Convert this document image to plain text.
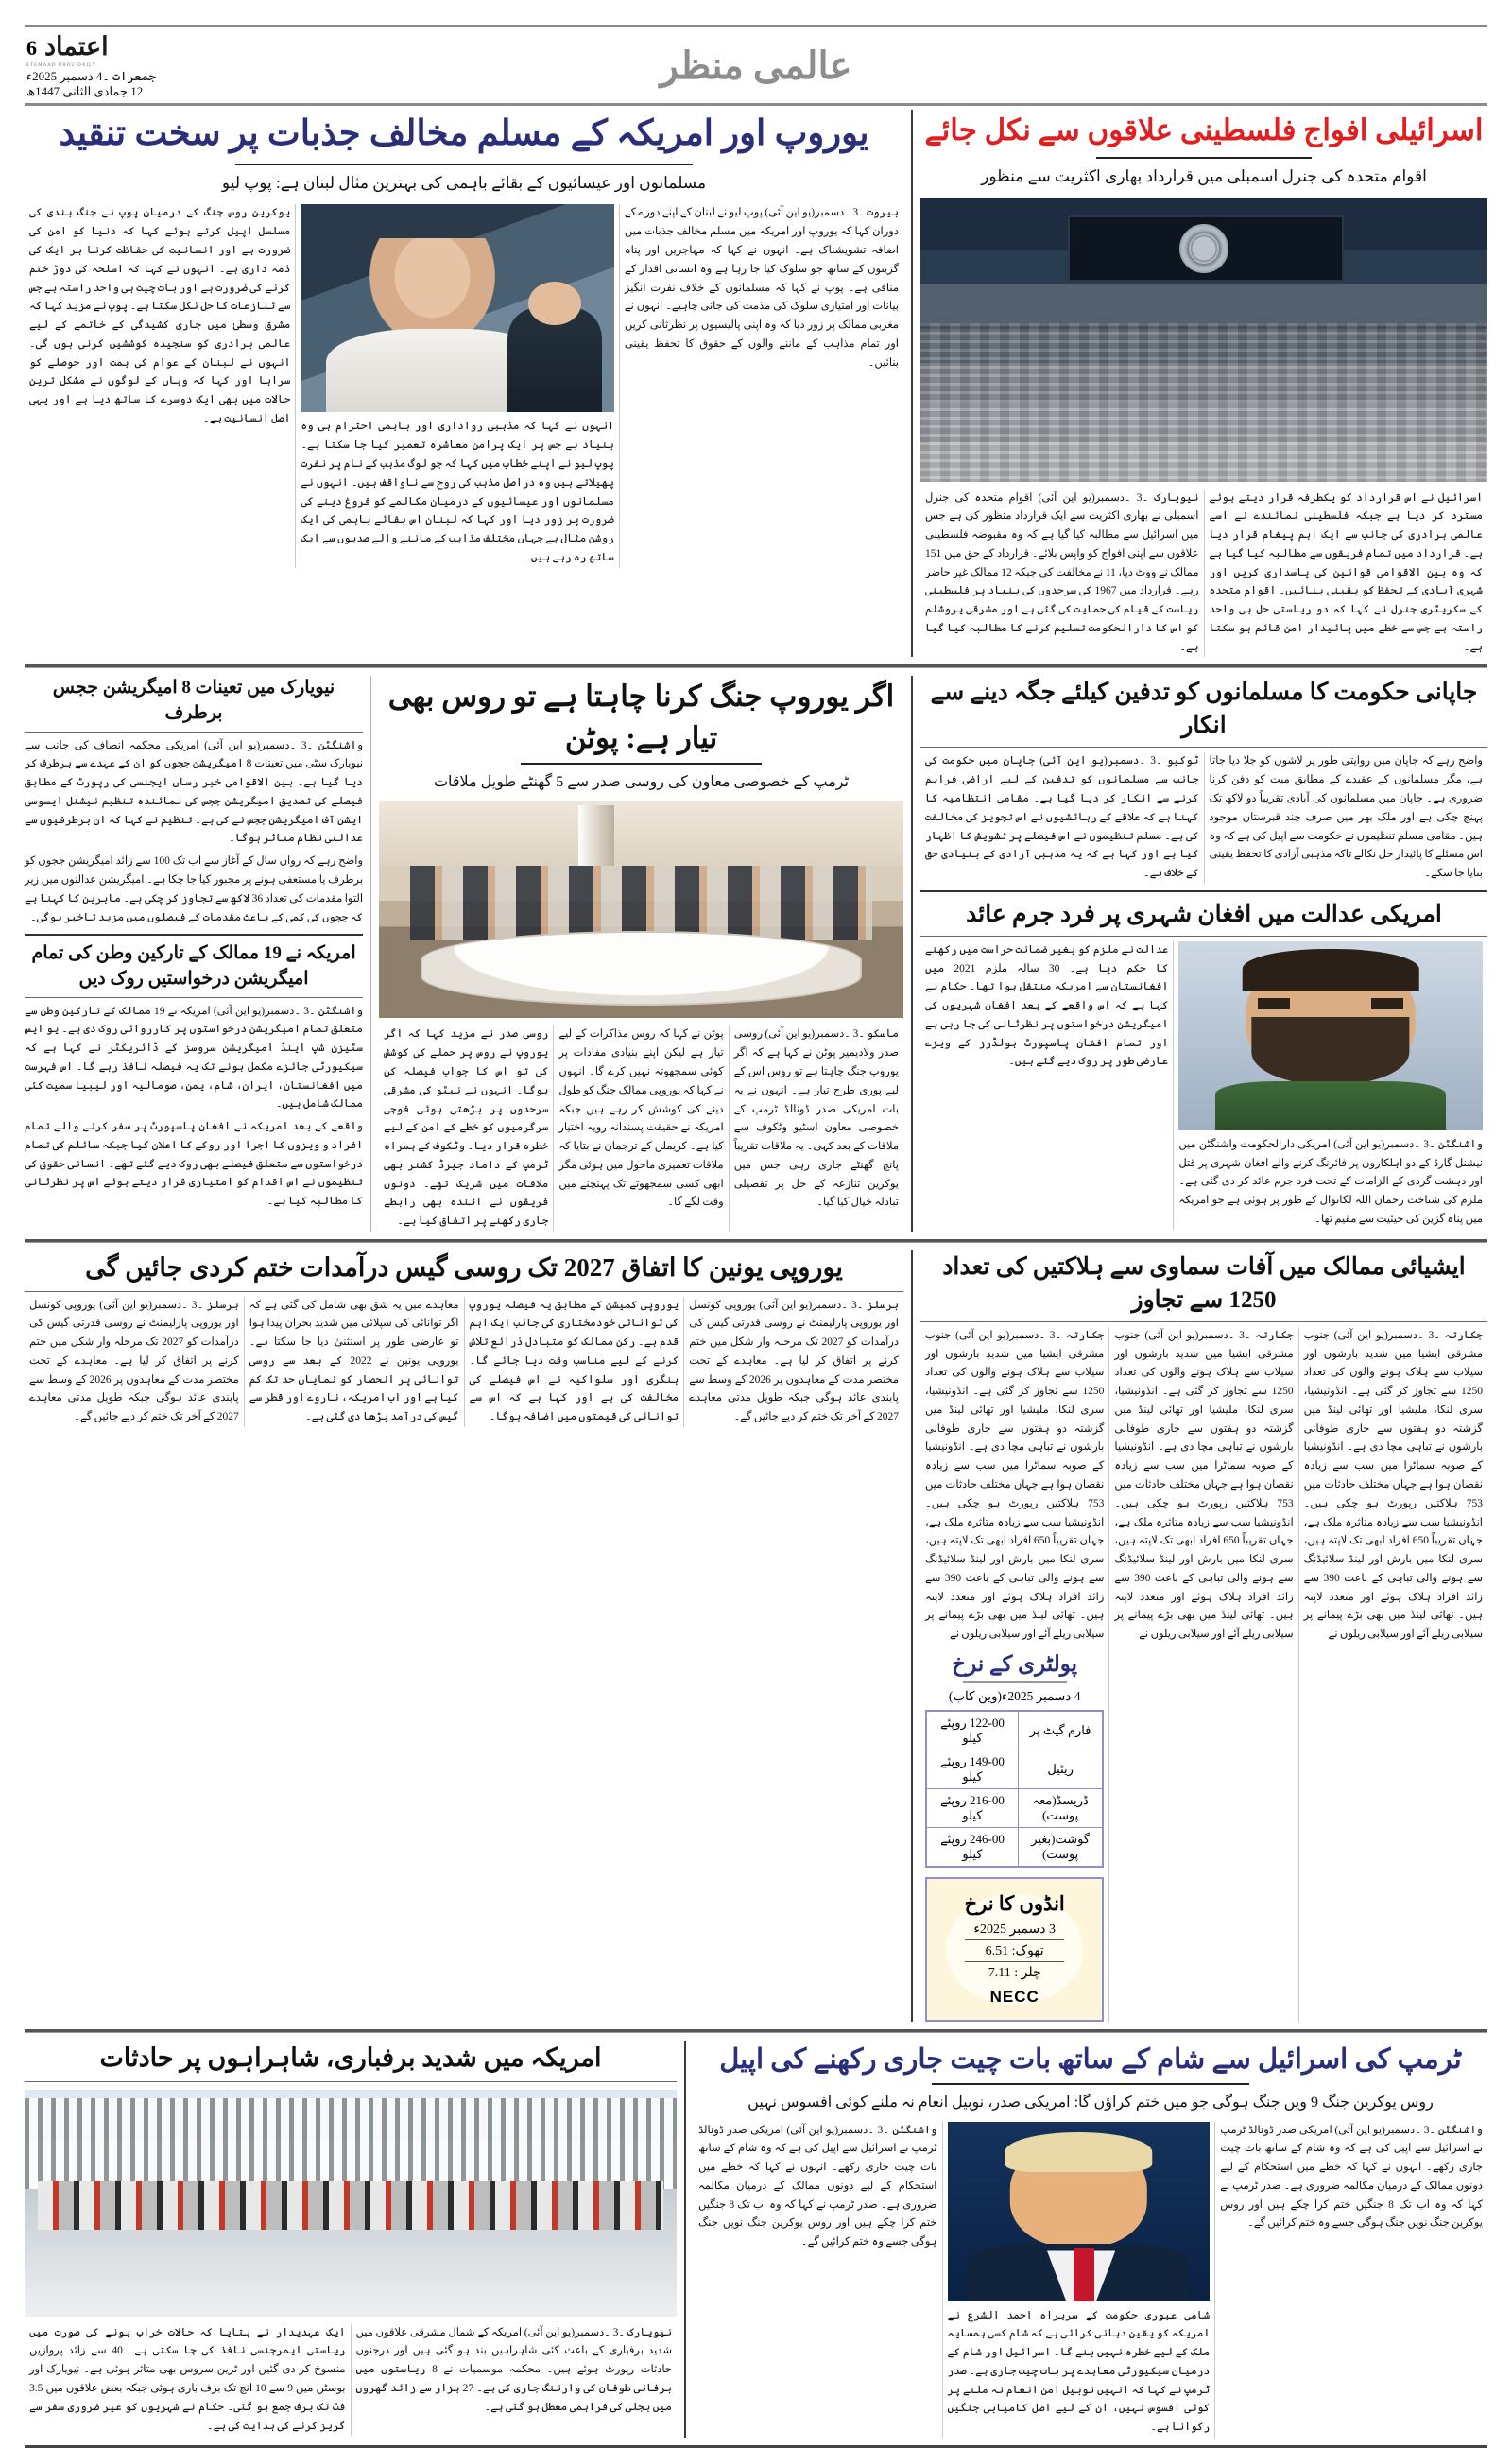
6 اعتماد
ETEMAAD URDU DAILY
جمعرات ۔4 دسمبر 2025ء
12 جمادی الثانی 1447ھ
عالمی منظر
اسرائیلی افواج فلسطینی علاقوں سے نکل جائے
اقوام متحدہ کی جنرل اسمبلی میں قرارداد بھاری اکثریت سے منظور
اسرائیل نے اس قرارداد کو یکطرفہ قرار دیتے ہوئے مسترد کر دیا ہے جبکہ فلسطینی نمائندے نے اسے عالمی برادری کی جانب سے ایک اہم پیغام قرار دیا ہے۔ قرارداد میں تمام فریقوں سے مطالبہ کیا گیا ہے کہ وہ بین الاقوامی قوانین کی پاسداری کریں اور شہری آبادی کے تحفظ کو یقینی بنائیں۔ اقوام متحدہ کے سکریٹری جنرل نے کہا کہ دو ریاستی حل ہی واحد راستہ ہے جس سے خطے میں پائیدار امن قائم ہو سکتا ہے۔
نیویارک ۔3 ۔دسمبر(یو این آئی) اقوام متحدہ کی جنرل اسمبلی نے بھاری اکثریت سے ایک قرارداد منظور کی ہے جس میں اسرائیل سے مطالبہ کیا گیا ہے کہ وہ مقبوضہ فلسطینی علاقوں سے اپنی افواج کو واپس بلائے۔ قرارداد کے حق میں 151 ممالک نے ووٹ دیا، 11 نے مخالفت کی جبکہ 12 ممالک غیر حاضر رہے۔ قرارداد میں 1967 کی سرحدوں کی بنیاد پر فلسطینی ریاست کے قیام کی حمایت کی گئی ہے اور مشرقی یروشلم کو اس کا دارالحکومت تسلیم کرنے کا مطالبہ کیا گیا ہے۔
یوروپ اور امریکہ کے مسلم مخالف جذبات پر سخت تنقید
مسلمانوں اور عیسائیوں کے بقائے باہمی کی بہترین مثال لبنان ہے: پوپ لیو
بیروت ۔3 ۔دسمبر(یو این آئی) پوپ لیو نے لبنان کے اپنے دورے کے دوران کہا کہ یوروپ اور امریکہ میں مسلم مخالف جذبات میں اضافہ تشویشناک ہے۔ انہوں نے کہا کہ مہاجرین اور پناہ گزینوں کے ساتھ جو سلوک کیا جا رہا ہے وہ انسانی اقدار کے منافی ہے۔ پوپ نے کہا کہ مسلمانوں کے خلاف نفرت انگیز بیانات اور امتیازی سلوک کی مذمت کی جانی چاہیے۔ انہوں نے مغربی ممالک پر زور دیا کہ وہ اپنی پالیسیوں پر نظرثانی کریں اور تمام مذاہب کے ماننے والوں کے حقوق کا تحفظ یقینی بنائیں۔
انہوں نے کہا کہ مذہبی رواداری اور باہمی احترام ہی وہ بنیاد ہے جس پر ایک پرامن معاشرہ تعمیر کیا جا سکتا ہے۔ پوپ لیو نے اپنے خطاب میں کہا کہ جو لوگ مذہب کے نام پر نفرت پھیلاتے ہیں وہ دراصل مذہب کی روح سے ناواقف ہیں۔ انہوں نے مسلمانوں اور عیسائیوں کے درمیان مکالمے کو فروغ دینے کی ضرورت پر زور دیا اور کہا کہ لبنان اس بقائے باہمی کی ایک روشن مثال ہے جہاں مختلف مذاہب کے ماننے والے صدیوں سے ایک ساتھ رہ رہے ہیں۔
یوکرین روس جنگ کے درمیان پوپ نے جنگ بندی کی مسلسل اپیل کرتے ہوئے کہا کہ دنیا کو امن کی ضرورت ہے اور انسانیت کی حفاظت کرنا ہر ایک کی ذمہ داری ہے۔ انہوں نے کہا کہ اسلحہ کی دوڑ ختم کرنے کی ضرورت ہے اور بات چیت ہی واحد راستہ ہے جس سے تنازعات کا حل نکل سکتا ہے۔ پوپ نے مزید کہا کہ مشرق وسطیٰ میں جاری کشیدگی کے خاتمے کے لیے عالمی برادری کو سنجیدہ کوششیں کرنی ہوں گی۔ انہوں نے لبنان کے عوام کی ہمت اور حوصلے کو سراہا اور کہا کہ وہاں کے لوگوں نے مشکل ترین حالات میں بھی ایک دوسرے کا ساتھ دیا ہے اور یہی اصل انسانیت ہے۔
جاپانی حکومت کا مسلمانوں کو تدفین کیلئے جگہ دینے سے انکار
واضح رہے کہ جاپان میں روایتی طور پر لاشوں کو جلا دیا جاتا ہے، مگر مسلمانوں کے عقیدے کے مطابق میت کو دفن کرنا ضروری ہے۔ جاپان میں مسلمانوں کی آبادی تقریباً دو لاکھ تک پہنچ چکی ہے اور ملک بھر میں صرف چند قبرستان موجود ہیں۔ مقامی مسلم تنظیموں نے حکومت سے اپیل کی ہے کہ وہ اس مسئلے کا پائیدار حل نکالے تاکہ مذہبی آزادی کا تحفظ یقینی بنایا جا سکے۔
ٹوکیو ۔3 ۔دسمبر(یو این آئی) جاپان میں حکومت کی جانب سے مسلمانوں کو تدفین کے لیے اراضی فراہم کرنے سے انکار کر دیا گیا ہے۔ مقامی انتظامیہ کا کہنا ہے کہ علاقے کے رہائشیوں نے اس تجویز کی مخالفت کی ہے۔ مسلم تنظیموں نے اس فیصلے پر تشویش کا اظہار کیا ہے اور کہا ہے کہ یہ مذہبی آزادی کے بنیادی حق کے خلاف ہے۔
امریکی عدالت میں افغان شہری پر فرد جرم عائد
واشنگٹن ۔3 ۔دسمبر(یو این آئی) امریکی دارالحکومت واشنگٹن میں نیشنل گارڈ کے دو اہلکاروں پر فائرنگ کرنے والے افغان شہری پر قتل اور دہشت گردی کے الزامات کے تحت فرد جرم عائد کر دی گئی ہے۔ ملزم کی شناخت رحمان اللہ لکانوال کے طور پر ہوئی ہے جو امریکہ میں پناہ گزین کی حیثیت سے مقیم تھا۔
عدالت نے ملزم کو بغیر ضمانت حراست میں رکھنے کا حکم دیا ہے۔ 30 سالہ ملزم 2021 میں افغانستان سے امریکہ منتقل ہوا تھا۔ حکام نے کہا ہے کہ اس واقعے کے بعد افغان شہریوں کی امیگریشن درخواستوں پر نظرثانی کی جا رہی ہے اور تمام افغان پاسپورٹ ہولڈرز کے ویزے عارضی طور پر روک دیے گئے ہیں۔
اگر یوروپ جنگ کرنا چاہتا ہے تو روس بھی تیار ہے: پوٹن
ٹرمپ کے خصوصی معاون کی روسی صدر سے 5 گھنٹے طویل ملاقات
ماسکو ۔3 ۔دسمبر(یو این آئی) روسی صدر ولادیمیر پوٹن نے کہا ہے کہ اگر یوروپ جنگ چاہتا ہے تو روس اس کے لیے پوری طرح تیار ہے۔ انہوں نے یہ بات امریکی صدر ڈونالڈ ٹرمپ کے خصوصی معاون اسٹیو وٹکوف سے ملاقات کے بعد کہی۔ یہ ملاقات تقریباً پانچ گھنٹے جاری رہی جس میں یوکرین تنازعہ کے حل پر تفصیلی تبادلہ خیال کیا گیا۔
پوٹن نے کہا کہ روس مذاکرات کے لیے تیار ہے لیکن اپنے بنیادی مفادات پر کوئی سمجھوتہ نہیں کرے گا۔ انہوں نے کہا کہ یوروپی ممالک جنگ کو طول دینے کی کوشش کر رہے ہیں جبکہ امریکہ نے حقیقت پسندانہ رویہ اختیار کیا ہے۔ کریملن کے ترجمان نے بتایا کہ ملاقات تعمیری ماحول میں ہوئی مگر ابھی کسی سمجھوتے تک پہنچنے میں وقت لگے گا۔
روسی صدر نے مزید کہا کہ اگر یوروپ نے روس پر حملے کی کوشش کی تو اس کا جواب فیصلہ کن ہوگا۔ انہوں نے نیٹو کی مشرقی سرحدوں پر بڑھتی ہوئی فوجی سرگرمیوں کو خطے کے امن کے لیے خطرہ قرار دیا۔ وٹکوف کے ہمراہ ٹرمپ کے داماد جیرڈ کشنر بھی ملاقات میں شریک تھے۔ دونوں فریقوں نے آئندہ بھی رابطے جاری رکھنے پر اتفاق کیا ہے۔
نیویارک میں تعینات 8 امیگریشن ججس برطرف
واشنگٹن ۔3 ۔دسمبر(یو این آئی) امریکی محکمہ انصاف کی جانب سے نیویارک سٹی میں تعینات 8 امیگریشن ججوں کو ان کے عہدے سے برطرف کر دیا گیا ہے۔ بین الاقوامی خبر رساں ایجنسی کی رپورٹ کے مطابق فیصلے کی تصدیق امیگریشن ججس کی نمائندہ تنظیم نیشنل ایسوسی ایشن آف امیگریشن ججس نے کی ہے۔ تنظیم نے کہا کہ ان برطرفیوں سے عدالتی نظام متاثر ہوگا۔
واضح رہے کہ رواں سال کے آغاز سے اب تک 100 سے زائد امیگریشن ججوں کو برطرف یا مستعفی ہونے پر مجبور کیا جا چکا ہے۔ امیگریشن عدالتوں میں زیر التوا مقدمات کی تعداد 36 لاکھ سے تجاوز کر چکی ہے۔ ماہرین کا کہنا ہے کہ ججوں کی کمی کے باعث مقدمات کے فیصلوں میں مزید تاخیر ہوگی۔
امریکہ نے 19 ممالک کے تارکین وطن کی تمام امیگریشن درخواستیں روک دیں
واشنگٹن ۔3 ۔دسمبر(یو این آئی) امریکہ نے 19 ممالک کے تارکین وطن سے متعلق تمام امیگریشن درخواستوں پر کارروائی روک دی ہے۔ یو ایس سٹیزن شپ اینڈ امیگریشن سروسز کے ڈائریکٹر نے کہا ہے کہ سیکیورٹی جائزے مکمل ہونے تک یہ فیصلہ نافذ رہے گا۔ اس فہرست میں افغانستان، ایران، شام، یمن، صومالیہ اور لیبیا سمیت کئی ممالک شامل ہیں۔
واقعے کے بعد امریکہ نے افغان پاسپورٹ پر سفر کرنے والے تمام افراد و ویزوں کا اجرا اور روکے کا اعلان کیا جبکہ سائلم کی تمام درخواستوں سے متعلق فیصلے بھی روک دیے گئے تھے۔ انسانی حقوق کی تنظیموں نے اس اقدام کو امتیازی قرار دیتے ہوئے اس پر نظرثانی کا مطالبہ کیا ہے۔
ایشیائی ممالک میں آفات سماوی سے ہلاکتیں کی تعداد 1250 سے تجاوز
جکارتہ ۔3 ۔دسمبر(یو این آئی) جنوب مشرقی ایشیا میں شدید بارشوں اور سیلاب سے ہلاک ہونے والوں کی تعداد 1250 سے تجاوز کر گئی ہے۔ انڈونیشیا، سری لنکا، ملیشیا اور تھائی لینڈ میں گزشتہ دو ہفتوں سے جاری طوفانی بارشوں نے تباہی مچا دی ہے۔ انڈونیشیا کے صوبہ سماٹرا میں سب سے زیادہ نقصان ہوا ہے جہاں مختلف حادثات میں 753 ہلاکتیں رپورٹ ہو چکی ہیں۔ انڈونیشیا سب سے زیادہ متاثرہ ملک ہے، جہاں تقریباً 650 افراد ابھی تک لاپتہ ہیں، سری لنکا میں بارش اور لینڈ سلائیڈنگ سے ہونے والی تباہی کے باعث 390 سے زائد افراد ہلاک ہوئے اور متعدد لاپتہ ہیں۔ تھائی لینڈ میں بھی بڑے پیمانے پر سیلابی ریلے آئے اور سیلابی ریلوں نے
جکارتہ ۔3 ۔دسمبر(یو این آئی) جنوب مشرقی ایشیا میں شدید بارشوں اور سیلاب سے ہلاک ہونے والوں کی تعداد 1250 سے تجاوز کر گئی ہے۔ انڈونیشیا، سری لنکا، ملیشیا اور تھائی لینڈ میں گزشتہ دو ہفتوں سے جاری طوفانی بارشوں نے تباہی مچا دی ہے۔ انڈونیشیا کے صوبہ سماٹرا میں سب سے زیادہ نقصان ہوا ہے جہاں مختلف حادثات میں 753 ہلاکتیں رپورٹ ہو چکی ہیں۔ انڈونیشیا سب سے زیادہ متاثرہ ملک ہے، جہاں تقریباً 650 افراد ابھی تک لاپتہ ہیں، سری لنکا میں بارش اور لینڈ سلائیڈنگ سے ہونے والی تباہی کے باعث 390 سے زائد افراد ہلاک ہوئے اور متعدد لاپتہ ہیں۔ تھائی لینڈ میں بھی بڑے پیمانے پر سیلابی ریلے آئے اور سیلابی ریلوں نے
جکارتہ ۔3 ۔دسمبر(یو این آئی) جنوب مشرقی ایشیا میں شدید بارشوں اور سیلاب سے ہلاک ہونے والوں کی تعداد 1250 سے تجاوز کر گئی ہے۔ انڈونیشیا، سری لنکا، ملیشیا اور تھائی لینڈ میں گزشتہ دو ہفتوں سے جاری طوفانی بارشوں نے تباہی مچا دی ہے۔ انڈونیشیا کے صوبہ سماٹرا میں سب سے زیادہ نقصان ہوا ہے جہاں مختلف حادثات میں 753 ہلاکتیں رپورٹ ہو چکی ہیں۔ انڈونیشیا سب سے زیادہ متاثرہ ملک ہے، جہاں تقریباً 650 افراد ابھی تک لاپتہ ہیں، سری لنکا میں بارش اور لینڈ سلائیڈنگ سے ہونے والی تباہی کے باعث 390 سے زائد افراد ہلاک ہوئے اور متعدد لاپتہ ہیں۔ تھائی لینڈ میں بھی بڑے پیمانے پر سیلابی ریلے آئے اور سیلابی ریلوں نے
پولٹری کے نرخ
4 دسمبر 2025ء(وین کاب)
فارم گیٹ پر	122-00 روپئے کیلو
ریٹیل	149-00 روپئے کیلو
ڈریسڈ(معہ پوست)	216-00 روپئے کیلو
گوشت(بغیر پوست)	246-00 روپئے کیلو
انڈوں کا نرخ
3 دسمبر 2025ء
تھوک: 6.51
چلر : 7.11
NECC
یوروپی یونین کا اتفاق 2027 تک روسی گیس درآمدات ختم کردی جائیں گی
برسلز ۔3 ۔دسمبر(یو این آئی) یوروپی کونسل اور یوروپی پارلیمنٹ نے روسی قدرتی گیس کی درآمدات کو 2027 تک مرحلہ وار شکل میں ختم کرنے پر اتفاق کر لیا ہے۔ معاہدے کے تحت مختصر مدت کے معاہدوں پر 2026 کے وسط سے پابندی عائد ہوگی جبکہ طویل مدتی معاہدے 2027 کے آخر تک ختم کر دیے جائیں گے۔
یوروپی کمیشن کے مطابق یہ فیصلہ یوروپ کی توانائی خودمختاری کی جانب ایک اہم قدم ہے۔ رکن ممالک کو متبادل ذرائع تلاش کرنے کے لیے مناسب وقت دیا جائے گا۔ ہنگری اور سلواکیہ نے اس فیصلے کی مخالفت کی ہے اور کہا ہے کہ اس سے توانائی کی قیمتوں میں اضافہ ہوگا۔
معاہدے میں یہ شق بھی شامل کی گئی ہے کہ اگر توانائی کی سپلائی میں شدید بحران پیدا ہوا تو عارضی طور پر استثنیٰ دیا جا سکتا ہے۔ یوروپی یونین نے 2022 کے بعد سے روسی توانائی پر انحصار کو نمایاں حد تک کم کیا ہے اور اب امریکہ، ناروے اور قطر سے گیس کی درآمد بڑھا دی گئی ہے۔
برسلز ۔3 ۔دسمبر(یو این آئی) یوروپی کونسل اور یوروپی پارلیمنٹ نے روسی قدرتی گیس کی درآمدات کو 2027 تک مرحلہ وار شکل میں ختم کرنے پر اتفاق کر لیا ہے۔ معاہدے کے تحت مختصر مدت کے معاہدوں پر 2026 کے وسط سے پابندی عائد ہوگی جبکہ طویل مدتی معاہدے 2027 کے آخر تک ختم کر دیے جائیں گے۔
ٹرمپ کی اسرائیل سے شام کے ساتھ بات چیت جاری رکھنے کی اپیل
روس یوکرین جنگ 9 ویں جنگ ہوگی جو میں ختم کراؤں گا: امریکی صدر، نوبیل انعام نہ ملنے کوئی افسوس نہیں
واشنگٹن ۔3 ۔دسمبر(یو این آئی) امریکی صدر ڈونالڈ ٹرمپ نے اسرائیل سے اپیل کی ہے کہ وہ شام کے ساتھ بات چیت جاری رکھے۔ انہوں نے کہا کہ خطے میں استحکام کے لیے دونوں ممالک کے درمیان مکالمہ ضروری ہے۔ صدر ٹرمپ نے کہا کہ وہ اب تک 8 جنگیں ختم کرا چکے ہیں اور روس یوکرین جنگ نویں جنگ ہوگی جسے وہ ختم کرائیں گے۔
شامی عبوری حکومت کے سربراہ احمد الشرع نے امریکہ کو یقین دہانی کرائی ہے کہ شام کسی ہمسایہ ملک کے لیے خطرہ نہیں بنے گا۔ اسرائیل اور شام کے درمیان سیکیورٹی معاہدے پر بات چیت جاری ہے۔ صدر ٹرمپ نے کہا کہ انہیں نوبیل امن انعام نہ ملنے پر کوئی افسوس نہیں، ان کے لیے اصل کامیابی جنگیں رکوانا ہے۔
واشنگٹن ۔3 ۔دسمبر(یو این آئی) امریکی صدر ڈونالڈ ٹرمپ نے اسرائیل سے اپیل کی ہے کہ وہ شام کے ساتھ بات چیت جاری رکھے۔ انہوں نے کہا کہ خطے میں استحکام کے لیے دونوں ممالک کے درمیان مکالمہ ضروری ہے۔ صدر ٹرمپ نے کہا کہ وہ اب تک 8 جنگیں ختم کرا چکے ہیں اور روس یوکرین جنگ نویں جنگ ہوگی جسے وہ ختم کرائیں گے۔
امریکہ میں شدید برفباری، شاہراہوں پر حادثات
نیویارک ۔3 ۔دسمبر(یو این آئی) امریکہ کے شمال مشرقی علاقوں میں شدید برفباری کے باعث کئی شاہراہیں بند ہو گئی ہیں اور درجنوں حادثات رپورٹ ہوئے ہیں۔ محکمہ موسمیات نے 8 ریاستوں میں برفانی طوفان کی وارننگ جاری کی ہے۔ 27 ہزار سے زائد گھروں میں بجلی کی فراہمی معطل ہو گئی ہے۔
ایک عہدیدار نے بتایا کہ حالات خراب ہونے کی صورت میں ریاستی ایمرجنسی نافذ کی جا سکتی ہے۔ 40 سے زائد پروازیں منسوخ کر دی گئیں اور ٹرین سروس بھی متاثر ہوئی ہے۔ نیویارک اور بوسٹن میں 9 سے 10 انچ تک برف باری ہوئی جبکہ بعض علاقوں میں 3.5 فٹ تک برف جمع ہو گئی۔ حکام نے شہریوں کو غیر ضروری سفر سے گریز کرنے کی ہدایت کی ہے۔
